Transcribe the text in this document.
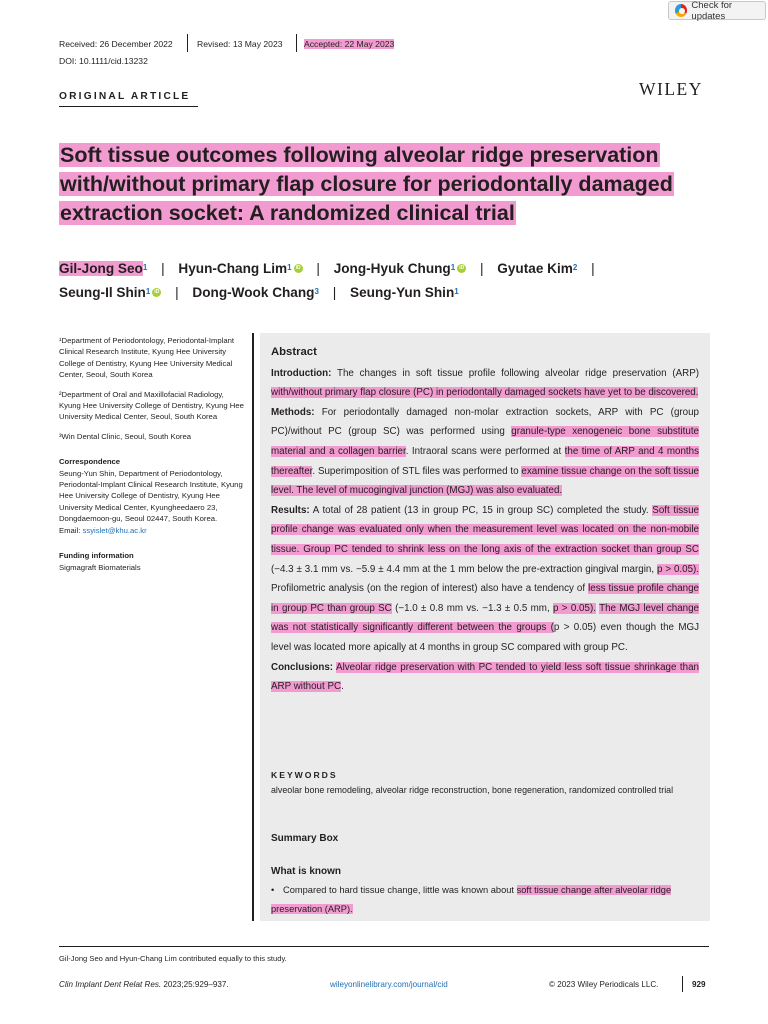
Check for updates
Received: 26 December 2022	Revised: 13 May 2023 Accepted: 22 May 2023
DOI: 10.1111/cid.13232
ORIGINAL ARTICLE	WILEY
Soft tissue outcomes following alveolar ridge preservation
with/without primary flap closure for periodontally damaged
extraction socket: A randomized clinical trial
Gil-Jong Seo$^1$ | Hyun-Chang Lim$^1$ iD | Jong-Hyuk Chung$^1$ iD | Gyutae Kim$^2$ |
Seung-Il Shin$^1$ iD | Dong-Wook Chang$^3$ | Seung-Yun Shin$^1$

¹Department of Periodontology, Periodontal-Implant Clinical Research Institute, Kyung Hee University College of Dentistry, Kyung Hee University Medical Center, Seoul, South Korea

²Department of Oral and Maxillofacial Radiology, Kyung Hee University College of Dentistry, Kyung Hee University Medical Center, Seoul, South Korea

³Win Dental Clinic, Seoul, South Korea

Correspondence

Seung-Yun Shin, Department of Periodontology, Periodontal-Implant Clinical Research Institute, Kyung Hee University College of Dentistry, Kyung Hee University Medical Center, Kyungheedaero 23, Dongdaemoon-gu, Seoul 02447, South Korea.

Email: ssyislet@khu.ac.kr

Funding information

Sigmagraft Biomaterials

Abstract

Introduction: The changes in soft tissue profile following alveolar ridge preservation (ARP) with/without primary flap closure (PC) in periodontally damaged sockets have yet to be discovered.

Methods: For periodontally damaged non-molar extraction sockets, ARP with PC (group PC)/without PC (group SC) was performed using granule-type xenogeneic bone substitute material and a collagen barrier. Intraoral scans were performed at the time of ARP and 4 months thereafter. Superimposition of STL files was performed to examine tissue change on the soft tissue level. The level of mucogingival junction (MGJ) was also evaluated.

Results: A total of 28 patient (13 in group PC, 15 in group SC) completed the study. Soft tissue profile change was evaluated only when the measurement level was located on the non-mobile tissue. Group PC tended to shrink less on the long axis of the extraction socket than group SC (−4.3 ± 3.1 mm vs. −5.9 ± 4.4 mm at the 1 mm below the pre-extraction gingival margin, p > 0.05). Profilometric analysis (on the region of interest) also have a tendency of less tissue profile change in group PC than group SC (−1.0 ± 0.8 mm vs. −1.3 ± 0.5 mm, p > 0.05). The MGJ level change was not statistically significantly different between the groups (p > 0.05) even though the MGJ level was located more apically at 4 months in group SC compared with group PC.

Conclusions: Alveolar ridge preservation with PC tended to yield less soft tissue shrinkage than ARP without PC.

KEYWORDS
alveolar bone remodeling, alveolar ridge reconstruction, bone regeneration, randomized controlled trial
Summary Box
What is known
• Compared to hard tissue change, little was known about soft tissue change after alveolar ridge preservation (ARP).
Gil-Jong Seo and Hyun-Chang Lim contributed equally to this study.
Clin Implant Dent Relat Res. 2023;25:929–937.	wileyonlinelibrary.com/journal/cid	© 2023 Wiley Periodicals LLC.	929
